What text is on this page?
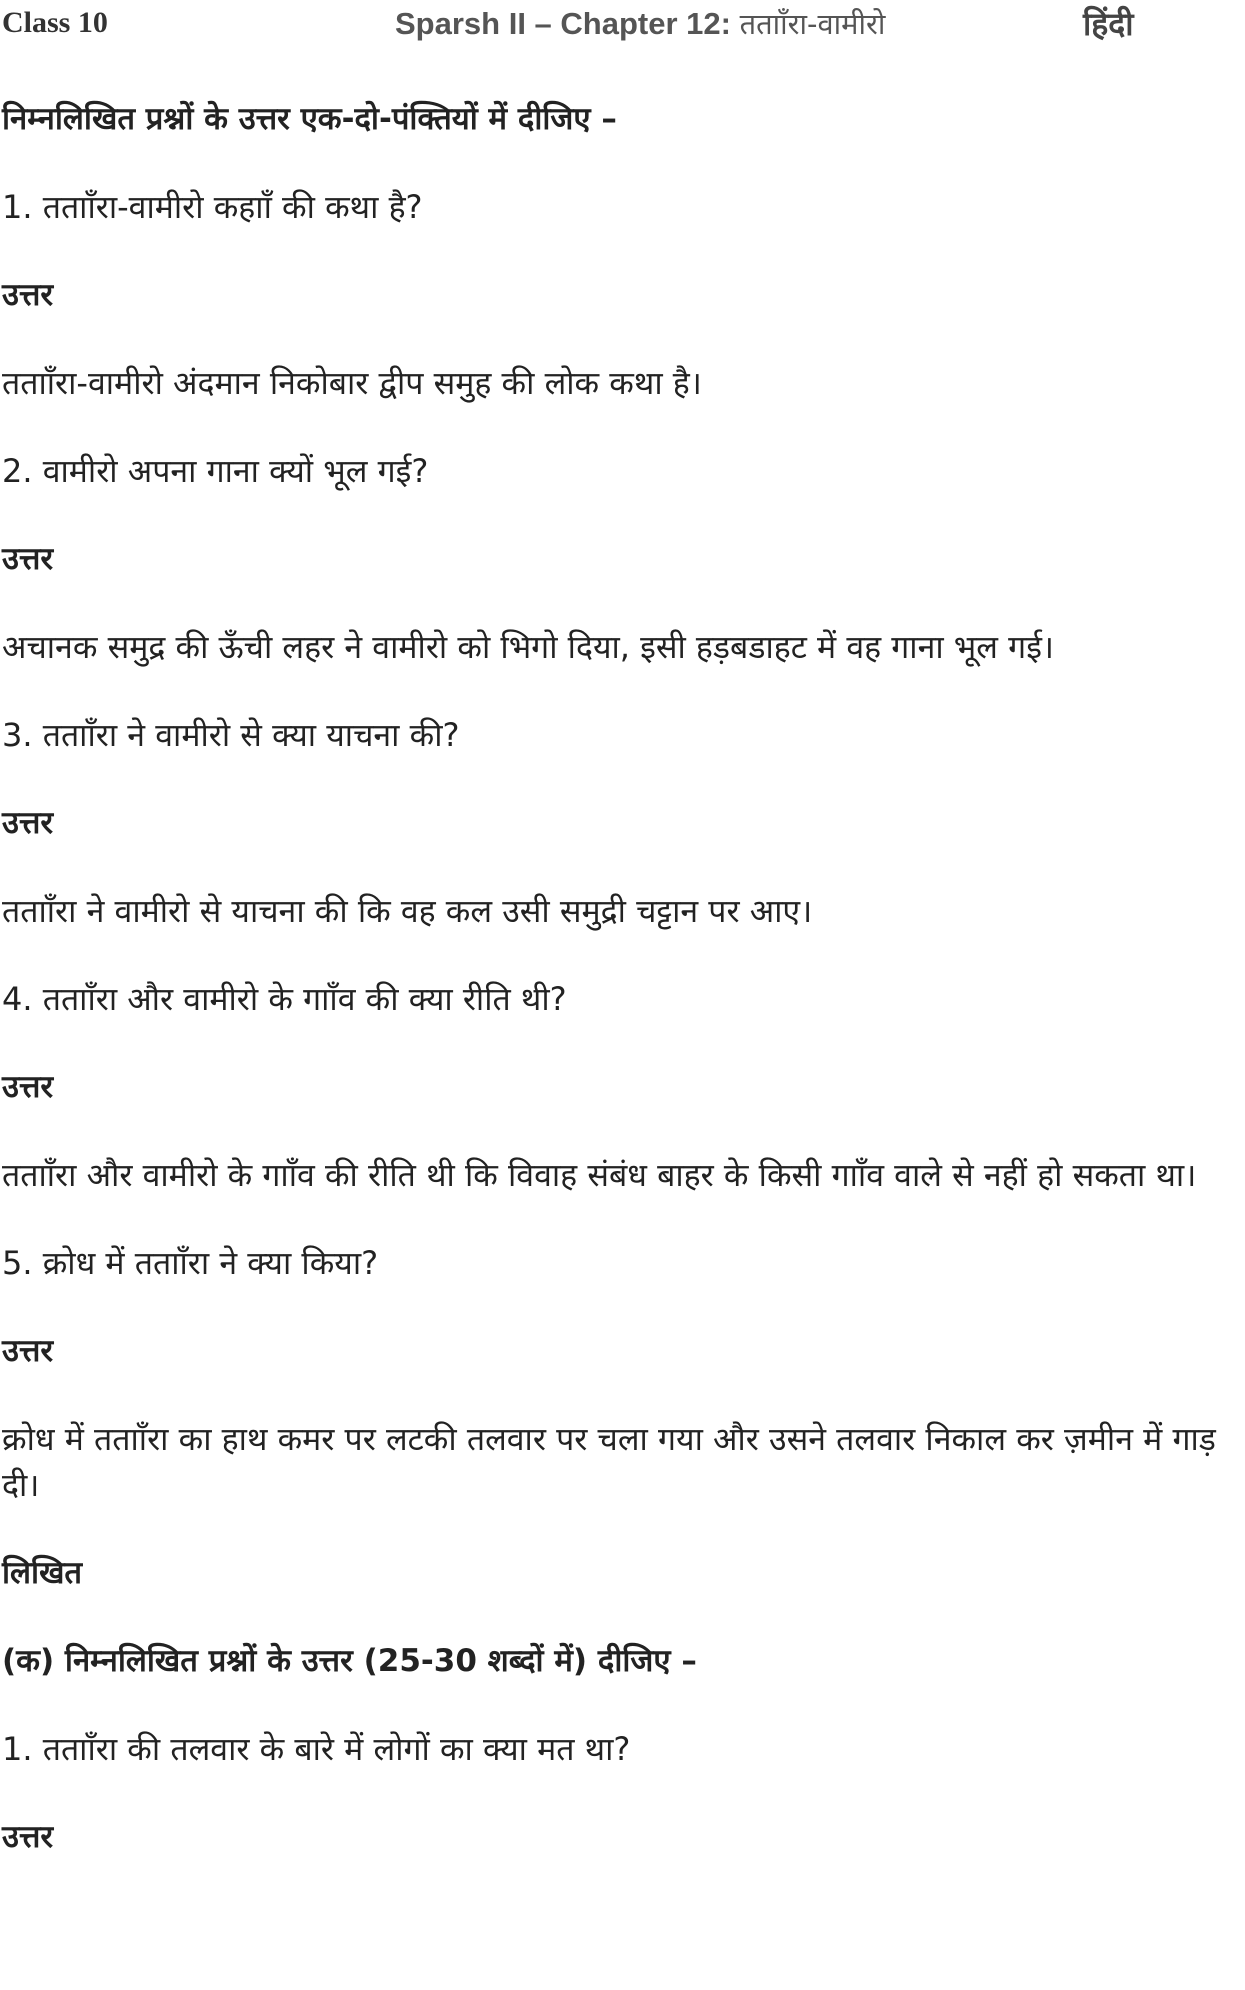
Class 10	Sparsh II – Chapter 12: ततााँरा-वामीरो	हिंदी
निम्नलिखित प्रश्नों के उत्तर एक-दो-पंक्तियों में दीजिए –
1. ततााँरा-वामीरो कहााँ की कथा है?
उत्तर
ततााँरा-वामीरो अंदमान निकोबार द्वीप समुह की लोक कथा है।
2. वामीरो अपना गाना क्यों भूल गई?
उत्तर
अचानक समुद्र की ऊँची लहर ने वामीरो को भिगो दिया, इसी हड़बडाहट में वह गाना भूल गई।
3. ततााँरा ने वामीरो से क्या याचना की?
उत्तर
ततााँरा ने वामीरो से याचना की कि वह कल उसी समुद्री चट्टान पर आए।
4. ततााँरा और वामीरो के गााँव की क्या रीति थी?
उत्तर
ततााँरा और वामीरो के गााँव की रीति थी कि विवाह संबंध बाहर के किसी गााँव वाले से नहीं हो सकता था।
5. क्रोध में ततााँरा ने क्या किया?
उत्तर
क्रोध में ततााँरा का हाथ कमर पर लटकी तलवार पर चला गया और उसने तलवार निकाल कर ज़मीन में गाड़ दी।
लिखित
(क) निम्नलिखित प्रश्नों के उत्तर (25-30 शब्दों में) दीजिए –
1. ततााँरा की तलवार के बारे में लोगों का क्या मत था?
उत्तर
